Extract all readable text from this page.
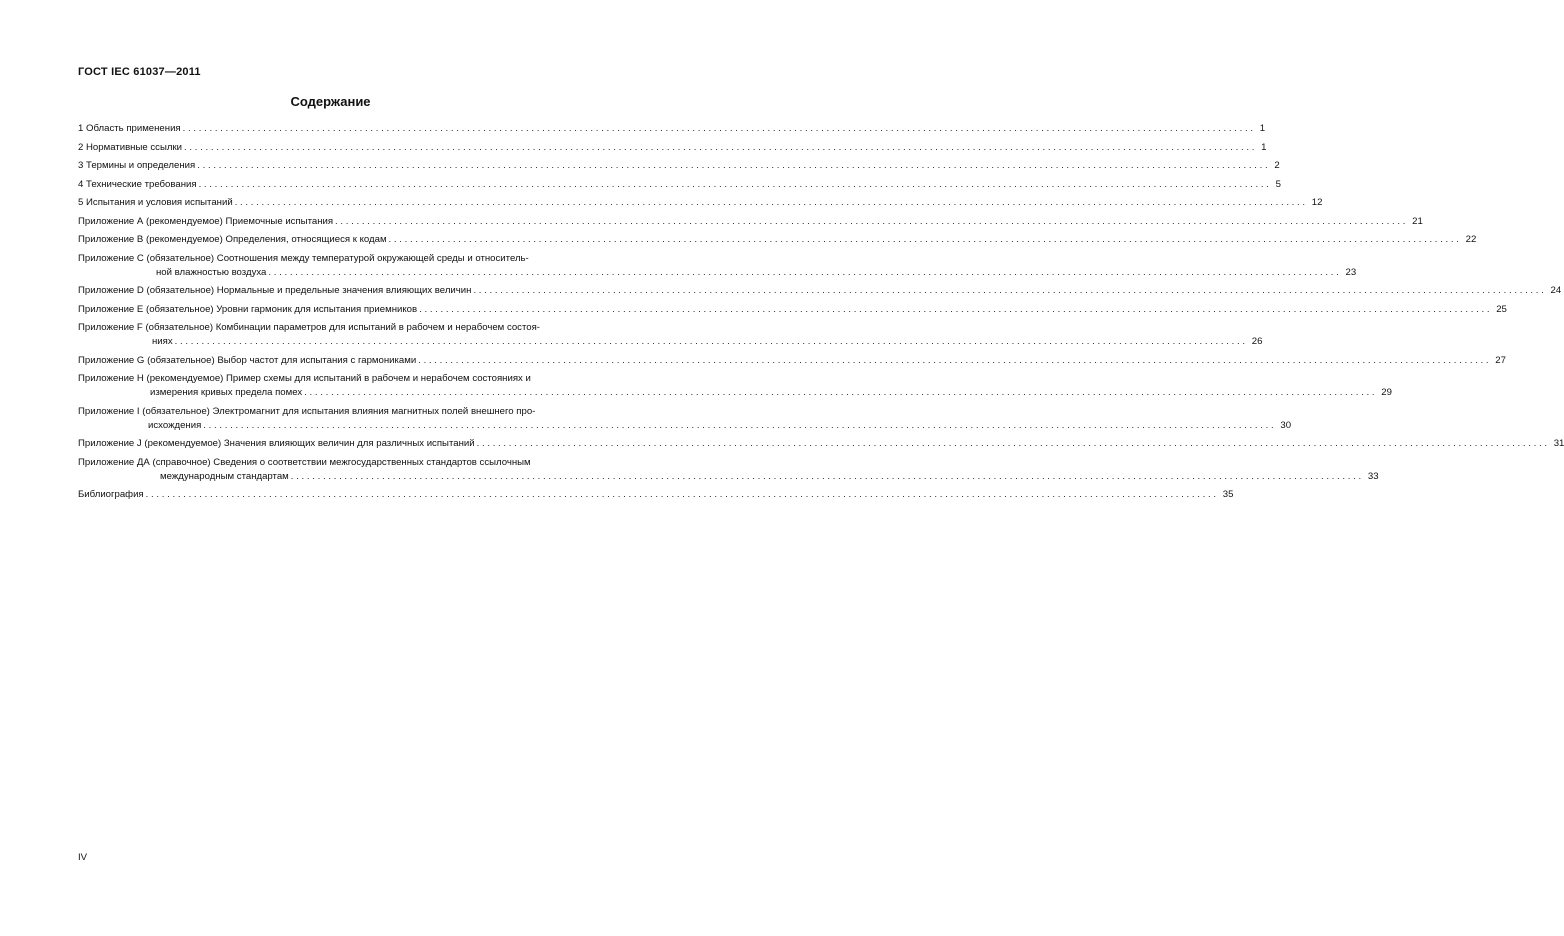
ГОСТ IEC 61037—2011
Содержание
1 Область применения ........................................................................................................................................................................................................ 1
2 Нормативные ссылки ........................................................................................................................................................................................................ 1
3 Термины и определения ........................................................................................................................................................................................................ 2
4 Технические требования ........................................................................................................................................................................................................ 5
5 Испытания и условия испытаний ........................................................................................................................................................................................................ 12
Приложение А (рекомендуемое) Приемочные испытания ........................................................................................................................................................................................................ 21
Приложение В (рекомендуемое) Определения, относящиеся к кодам ........................................................................................................................................................................................................ 22
Приложение С (обязательное) Соотношения между температурой окружающей среды и относитель-
ной влажностью воздуха ........................................................................................................................................................................................................ 23
Приложение D (обязательное) Нормальные и предельные значения влияющих величин ........................................................................................................................................................................................................ 24
Приложение Е (обязательное) Уровни гармоник для испытания приемников ........................................................................................................................................................................................................ 25
Приложение F (обязательное) Комбинации параметров для испытаний в рабочем и нерабочем состоя-
ниях ........................................................................................................................................................................................................ 26
Приложение G (обязательное) Выбор частот для испытания с гармониками ........................................................................................................................................................................................................ 27
Приложение Н (рекомендуемое) Пример схемы для испытаний в рабочем и нерабочем состояниях и
измерения кривых предела помех ........................................................................................................................................................................................................ 29
Приложение I (обязательное) Электромагнит для испытания влияния магнитных полей внешнего про-
исхождения ........................................................................................................................................................................................................ 30
Приложение J (рекомендуемое) Значения влияющих величин для различных испытаний ........................................................................................................................................................................................................ 31
Приложение ДА (справочное) Сведения о соответствии межгосударственных стандартов ссылочным
международным стандартам ........................................................................................................................................................................................................ 33
Библиография ........................................................................................................................................................................................................ 35
IV
